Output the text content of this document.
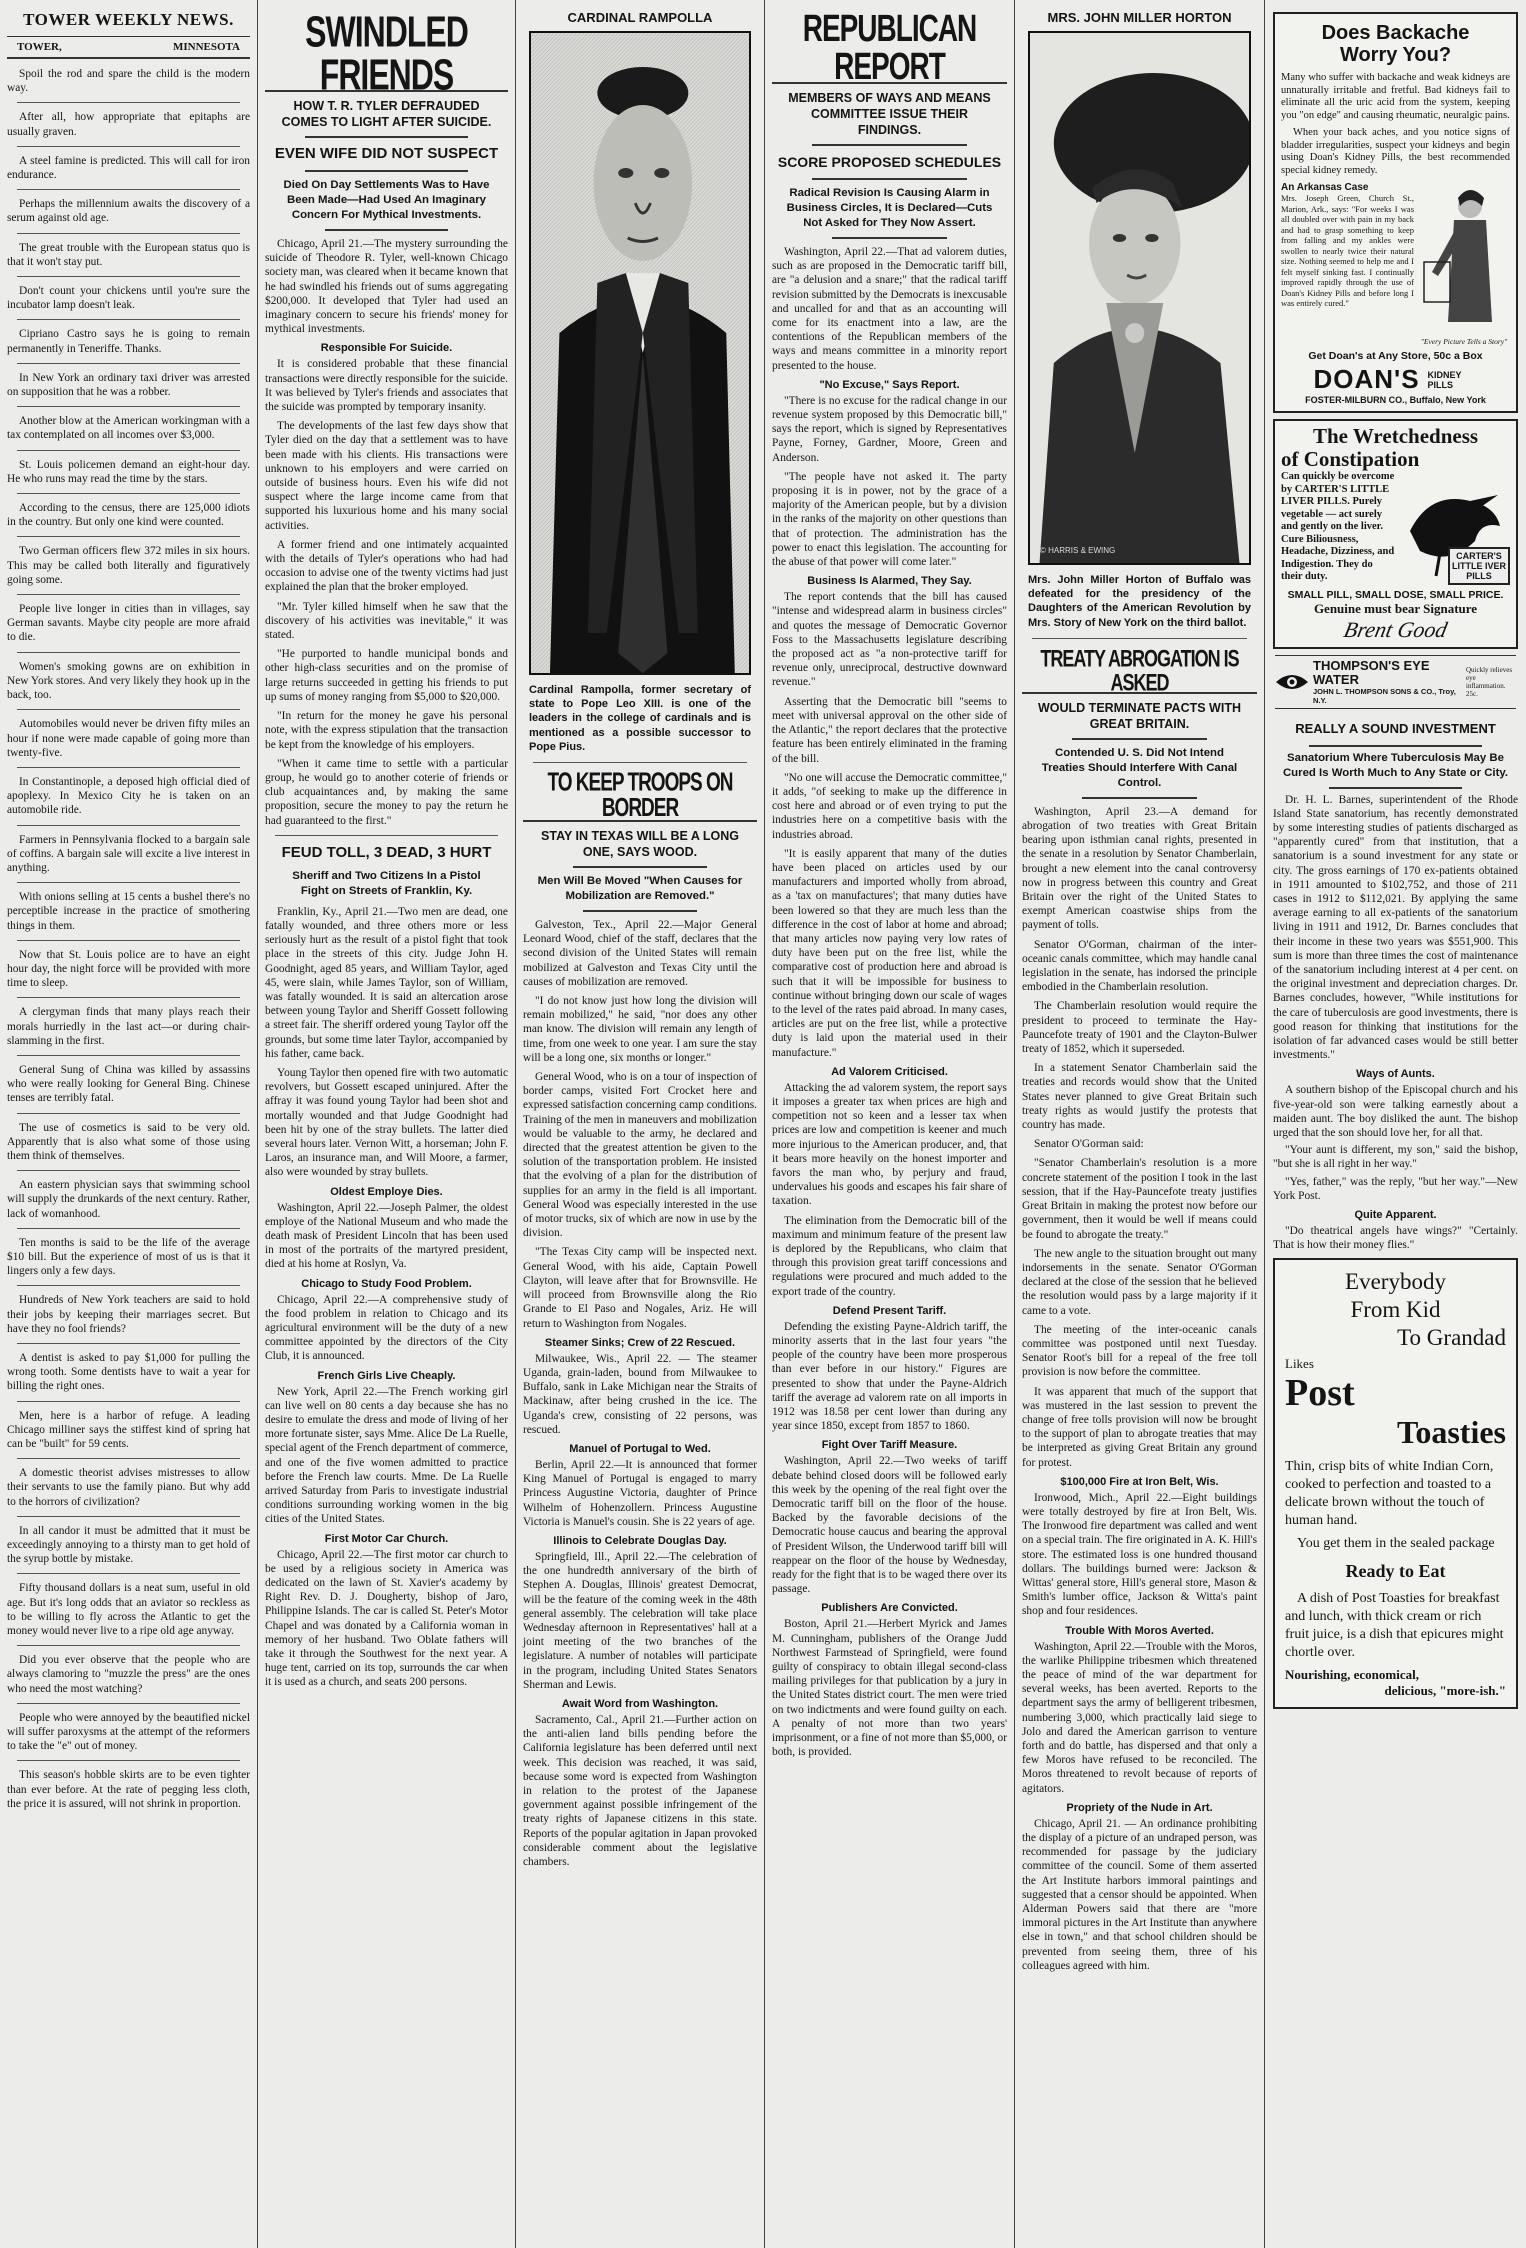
TOWER WEEKLY NEWS.
TOWER,	MINNESOTA

Spoil the rod and spare the child is the modern way.

After all, how appropriate that epitaphs are usually graven.

A steel famine is predicted. This will call for iron endurance.

Perhaps the millennium awaits the discovery of a serum against old age.

The great trouble with the European status quo is that it won't stay put.

Don't count your chickens until you're sure the incubator lamp doesn't leak.

Cipriano Castro says he is going to remain permanently in Teneriffe. Thanks.

In New York an ordinary taxi driver was arrested on supposition that he was a robber.

Another blow at the American workingman with a tax contemplated on all incomes over $3,000.

St. Louis policemen demand an eight-hour day. He who runs may read the time by the stars.

According to the census, there are 125,000 idiots in the country. But only one kind were counted.

Two German officers flew 372 miles in six hours. This may be called both literally and figuratively going some.

People live longer in cities than in villages, say German savants. Maybe city people are more afraid to die.

Women's smoking gowns are on exhibition in New York stores. And very likely they hook up in the back, too.

Automobiles would never be driven fifty miles an hour if none were made capable of going more than twenty-five.

In Constantinople, a deposed high official died of apoplexy. In Mexico City he is taken on an automobile ride.

Farmers in Pennsylvania flocked to a bargain sale of coffins. A bargain sale will excite a live interest in anything.

With onions selling at 15 cents a bushel there's no perceptible increase in the practice of smothering things in them.

Now that St. Louis police are to have an eight hour day, the night force will be provided with more time to sleep.

A clergyman finds that many plays reach their morals hurriedly in the last act—or during chair-slamming in the first.

General Sung of China was killed by assassins who were really looking for General Bing. Chinese tenses are terribly fatal.

The use of cosmetics is said to be very old. Apparently that is also what some of those using them think of themselves.

An eastern physician says that swimming school will supply the drunkards of the next century. Rather, lack of womanhood.

Ten months is said to be the life of the average $10 bill. But the experience of most of us is that it lingers only a few days.

Hundreds of New York teachers are said to hold their jobs by keeping their marriages secret. But have they no fool friends?

A dentist is asked to pay $1,000 for pulling the wrong tooth. Some dentists have to wait a year for billing the right ones.

Men, here is a harbor of refuge. A leading Chicago milliner says the stiffest kind of spring hat can be "built" for 59 cents.

A domestic theorist advises mistresses to allow their servants to use the family piano. But why add to the horrors of civilization?

In all candor it must be admitted that it must be exceedingly annoying to a thirsty man to get hold of the syrup bottle by mistake.

Fifty thousand dollars is a neat sum, useful in old age. But it's long odds that an aviator so reckless as to be willing to fly across the Atlantic to get the money would never live to a ripe old age anyway.

Did you ever observe that the people who are always clamoring to "muzzle the press" are the ones who need the most watching?

People who were annoyed by the beautified nickel will suffer paroxysms at the attempt of the reformers to take the "e" out of money.

This season's hobble skirts are to be even tighter than ever before. At the rate of pegging less cloth, the price it is assured, will not shrink in proportion.

SWINDLED FRIENDS
HOW T. R. TYLER DEFRAUDED COMES TO LIGHT AFTER SUICIDE.
EVEN WIFE DID NOT SUSPECT
Died On Day Settlements Was to Have Been Made—Had Used An Imaginary Concern For Mythical Investments.

Chicago, April 21.—The mystery surrounding the suicide of Theodore R. Tyler, well-known Chicago society man, was cleared when it became known that he had swindled his friends out of sums aggregating $200,000. It developed that Tyler had used an imaginary concern to secure his friends' money for mythical investments.

Responsible For Suicide.

It is considered probable that these financial transactions were directly responsible for the suicide. It was believed by Tyler's friends and associates that the suicide was prompted by temporary insanity.

The developments of the last few days show that Tyler died on the day that a settlement was to have been made with his clients. His transactions were unknown to his employers and were carried on outside of business hours. Even his wife did not suspect where the large income came from that supported his luxurious home and his many social activities.

A former friend and one intimately acquainted with the details of Tyler's operations who had had occasion to advise one of the twenty victims had just explained the plan that the broker employed.

"Mr. Tyler killed himself when he saw that the discovery of his activities was inevitable," it was stated.

"He purported to handle municipal bonds and other high-class securities and on the promise of large returns succeeded in getting his friends to put up sums of money ranging from $5,000 to $20,000.

"In return for the money he gave his personal note, with the express stipulation that the transaction be kept from the knowledge of his employers.

"When it came time to settle with a particular group, he would go to another coterie of friends or club acquaintances and, by making the same proposition, secure the money to pay the return he had guaranteed to the first."

FEUD TOLL, 3 DEAD, 3 HURT
Sheriff and Two Citizens In a Pistol Fight on Streets of Franklin, Ky.

Franklin, Ky., April 21.—Two men are dead, one fatally wounded, and three others more or less seriously hurt as the result of a pistol fight that took place in the streets of this city. Judge John H. Goodnight, aged 85 years, and William Taylor, aged 45, were slain, while James Taylor, son of William, was fatally wounded. It is said an altercation arose between young Taylor and Sheriff Gossett following a street fair. The sheriff ordered young Taylor off the grounds, but some time later Taylor, accompanied by his father, came back.

Young Taylor then opened fire with two automatic revolvers, but Gossett escaped uninjured. After the affray it was found young Taylor had been shot and mortally wounded and that Judge Goodnight had been hit by one of the stray bullets. The latter died several hours later. Vernon Witt, a horseman; John F. Laros, an insurance man, and Will Moore, a farmer, also were wounded by stray bullets.

Oldest Employe Dies.

Washington, April 22.—Joseph Palmer, the oldest employe of the National Museum and who made the death mask of President Lincoln that has been used in most of the portraits of the martyred president, died at his home at Roslyn, Va.

Chicago to Study Food Problem.

Chicago, April 22.—A comprehensive study of the food problem in relation to Chicago and its agricultural environment will be the duty of a new committee appointed by the directors of the City Club, it is announced.

French Girls Live Cheaply.

New York, April 22.—The French working girl can live well on 80 cents a day because she has no desire to emulate the dress and mode of living of her more fortunate sister, says Mme. Alice De La Ruelle, special agent of the French department of commerce, and one of the five women admitted to practice before the French law courts. Mme. De La Ruelle arrived Saturday from Paris to investigate industrial conditions surrounding working women in the big cities of the United States.

First Motor Car Church.

Chicago, April 22.—The first motor car church to be used by a religious society in America was dedicated on the lawn of St. Xavier's academy by Right Rev. D. J. Dougherty, bishop of Jaro, Philippine Islands. The car is called St. Peter's Motor Chapel and was donated by a California woman in memory of her husband. Two Oblate fathers will take it through the Southwest for the next year. A huge tent, carried on its top, surrounds the car when it is used as a church, and seats 200 persons.

CARDINAL RAMPOLLA

Cardinal Rampolla, former secretary of state to Pope Leo XIII. is one of the leaders in the college of cardinals and is mentioned as a possible successor to Pope Pius.

TO KEEP TROOPS ON BORDER
STAY IN TEXAS WILL BE A LONG ONE, SAYS WOOD.
Men Will Be Moved "When Causes for Mobilization are Removed."

Galveston, Tex., April 22.—Major General Leonard Wood, chief of the staff, declares that the second division of the United States will remain mobilized at Galveston and Texas City until the causes of mobilization are removed.

"I do not know just how long the division will remain mobilized," he said, "nor does any other man know. The division will remain any length of time, from one week to one year. I am sure the stay will be a long one, six months or longer."

General Wood, who is on a tour of inspection of border camps, visited Fort Crocket here and expressed satisfaction concerning camp conditions. Training of the men in maneuvers and mobilization would be valuable to the army, he declared and directed that the greatest attention be given to the solution of the transportation problem. He insisted that the evolving of a plan for the distribution of supplies for an army in the field is all important. General Wood was especially interested in the use of motor trucks, six of which are now in use by the division.

"The Texas City camp will be inspected next. General Wood, with his aide, Captain Powell Clayton, will leave after that for Brownsville. He will proceed from Brownsville along the Rio Grande to El Paso and Nogales, Ariz. He will return to Washington from Nogales.

Steamer Sinks; Crew of 22 Rescued.

Milwaukee, Wis., April 22. — The steamer Uganda, grain-laden, bound from Milwaukee to Buffalo, sank in Lake Michigan near the Straits of Mackinaw, after being crushed in the ice. The Uganda's crew, consisting of 22 persons, was rescued.

Manuel of Portugal to Wed.

Berlin, April 22.—It is announced that former King Manuel of Portugal is engaged to marry Princess Augustine Victoria, daughter of Prince Wilhelm of Hohenzollern. Princess Augustine Victoria is Manuel's cousin. She is 22 years of age.

Illinois to Celebrate Douglas Day.

Springfield, Ill., April 22.—The celebration of the one hundredth anniversary of the birth of Stephen A. Douglas, Illinois' greatest Democrat, will be the feature of the coming week in the 48th general assembly. The celebration will take place Wednesday afternoon in Representatives' hall at a joint meeting of the two branches of the legislature. A number of notables will participate in the program, including United States Senators Sherman and Lewis.

Await Word from Washington.

Sacramento, Cal., April 21.—Further action on the anti-alien land bills pending before the California legislature has been deferred until next week. This decision was reached, it was said, because some word is expected from Washington in relation to the protest of the Japanese government against possible infringement of the treaty rights of Japanese citizens in this state. Reports of the popular agitation in Japan provoked considerable comment about the legislative chambers.

REPUBLICAN REPORT
MEMBERS OF WAYS AND MEANS COMMITTEE ISSUE THEIR FINDINGS.
SCORE PROPOSED SCHEDULES
Radical Revision Is Causing Alarm in Business Circles, It is Declared—Cuts Not Asked for They Now Assert.

Washington, April 22.—That ad valorem duties, such as are proposed in the Democratic tariff bill, are "a delusion and a snare;" that the radical tariff revision submitted by the Democrats is inexcusable and uncalled for and that as an accounting will come for its enactment into a law, are the contentions of the Republican members of the ways and means committee in a minority report presented to the house.

"No Excuse," Says Report.

"There is no excuse for the radical change in our revenue system proposed by this Democratic bill," says the report, which is signed by Representatives Payne, Forney, Gardner, Moore, Green and Anderson.

"The people have not asked it. The party proposing it is in power, not by the grace of a majority of the American people, but by a division in the ranks of the majority on other questions than that of protection. The administration has the power to enact this legislation. The accounting for the abuse of that power will come later."

Business Is Alarmed, They Say.

The report contends that the bill has caused "intense and widespread alarm in business circles" and quotes the message of Democratic Governor Foss to the Massachusetts legislature describing the proposed act as "a non-protective tariff for revenue only, unreciprocal, destructive downward revenue."

Asserting that the Democratic bill "seems to meet with universal approval on the other side of the Atlantic," the report declares that the protective feature has been entirely eliminated in the framing of the bill.

"No one will accuse the Democratic committee," it adds, "of seeking to make up the difference in cost here and abroad or of even trying to put the industries here on a competitive basis with the industries abroad.

"It is easily apparent that many of the duties have been placed on articles used by our manufacturers and imported wholly from abroad, as a 'tax on manufactures'; that many duties have been lowered so that they are much less than the difference in the cost of labor at home and abroad; that many articles now paying very low rates of duty have been put on the free list, while the comparative cost of production here and abroad is such that it will be impossible for business to continue without bringing down our scale of wages to the level of the rates paid abroad. In many cases, articles are put on the free list, while a protective duty is laid upon the material used in their manufacture."

Ad Valorem Criticised.

Attacking the ad valorem system, the report says it imposes a greater tax when prices are high and competition not so keen and a lesser tax when prices are low and competition is keener and much more injurious to the American producer, and, that it bears more heavily on the honest importer and favors the man who, by perjury and fraud, undervalues his goods and escapes his fair share of taxation.

The elimination from the Democratic bill of the maximum and minimum feature of the present law is deplored by the Republicans, who claim that through this provision great tariff concessions and regulations were procured and much added to the export trade of the country.

Defend Present Tariff.

Defending the existing Payne-Aldrich tariff, the minority asserts that in the last four years "the people of the country have been more prosperous than ever before in our history." Figures are presented to show that under the Payne-Aldrich tariff the average ad valorem rate on all imports in 1912 was 18.58 per cent lower than during any year since 1850, except from 1857 to 1860.

Fight Over Tariff Measure.

Washington, April 22.—Two weeks of tariff debate behind closed doors will be followed early this week by the opening of the real fight over the Democratic tariff bill on the floor of the house. Backed by the favorable decisions of the Democratic house caucus and bearing the approval of President Wilson, the Underwood tariff bill will reappear on the floor of the house by Wednesday, ready for the fight that is to be waged there over its passage.

Publishers Are Convicted.

Boston, April 21.—Herbert Myrick and James M. Cunningham, publishers of the Orange Judd Northwest Farmstead of Springfield, were found guilty of conspiracy to obtain illegal second-class mailing privileges for that publication by a jury in the United States district court. The men were tried on two indictments and were found guilty on each. A penalty of not more than two years' imprisonment, or a fine of not more than $5,000, or both, is provided.

MRS. JOHN MILLER HORTON
© HARRIS & EWING

Mrs. John Miller Horton of Buffalo was defeated for the presidency of the Daughters of the American Revolution by Mrs. Story of New York on the third ballot.

TREATY ABROGATION IS ASKED
WOULD TERMINATE PACTS WITH GREAT BRITAIN.
Contended U. S. Did Not Intend Treaties Should Interfere With Canal Control.

Washington, April 23.—A demand for abrogation of two treaties with Great Britain bearing upon isthmian canal rights, presented in the senate in a resolution by Senator Chamberlain, brought a new element into the canal controversy now in progress between this country and Great Britain over the right of the United States to exempt American coastwise ships from the payment of tolls.

Senator O'Gorman, chairman of the inter-oceanic canals committee, which may handle canal legislation in the senate, has indorsed the principle embodied in the Chamberlain resolution.

The Chamberlain resolution would require the president to proceed to terminate the Hay-Pauncefote treaty of 1901 and the Clayton-Bulwer treaty of 1852, which it superseded.

In a statement Senator Chamberlain said the treaties and records would show that the United States never planned to give Great Britain such treaty rights as would justify the protests that country has made.

Senator O'Gorman said:

"Senator Chamberlain's resolution is a more concrete statement of the position I took in the last session, that if the Hay-Pauncefote treaty justifies Great Britain in making the protest now before our government, then it would be well if means could be found to abrogate the treaty."

The new angle to the situation brought out many indorsements in the senate. Senator O'Gorman declared at the close of the session that he believed the resolution would pass by a large majority if it came to a vote.

The meeting of the inter-oceanic canals committee was postponed until next Tuesday. Senator Root's bill for a repeal of the free toll provision is now before the committee.

It was apparent that much of the support that was mustered in the last session to prevent the change of free tolls provision will now be brought to the support of plan to abrogate treaties that may be interpreted as giving Great Britain any ground for protest.

$100,000 Fire at Iron Belt, Wis.

Ironwood, Mich., April 22.—Eight buildings were totally destroyed by fire at Iron Belt, Wis. The Ironwood fire department was called and went on a special train. The fire originated in A. K. Hill's store. The estimated loss is one hundred thousand dollars. The buildings burned were: Jackson & Wittas' general store, Hill's general store, Mason & Smith's lumber office, Jackson & Witta's paint shop and four residences.

Trouble With Moros Averted.

Washington, April 22.—Trouble with the Moros, the warlike Philippine tribesmen which threatened the peace of mind of the war department for several weeks, has been averted. Reports to the department says the army of belligerent tribesmen, numbering 3,000, which practically laid siege to Jolo and dared the American garrison to venture forth and do battle, has dispersed and that only a few Moros have refused to be reconciled. The Moros threatened to revolt because of reports of agitators.

Propriety of the Nude in Art.

Chicago, April 21. — An ordinance prohibiting the display of a picture of an undraped person, was recommended for passage by the judiciary committee of the council. Some of them asserted the Art Institute harbors immoral paintings and suggested that a censor should be appointed. When Alderman Powers said that there are "more immoral pictures in the Art Institute than anywhere else in town," and that school children should be prevented from seeing them, three of his colleagues agreed with him.

Does Backache Worry You?

Many who suffer with backache and weak kidneys are unnaturally irritable and fretful. Bad kidneys fail to eliminate all the uric acid from the system, keeping you "on edge" and causing rheumatic, neuralgic pains.

When your back aches, and you notice signs of bladder irregularities, suspect your kidneys and begin using Doan's Kidney Pills, the best recommended special kidney remedy.

An Arkansas Case

Mrs. Joseph Green, Church St., Marion, Ark., says: "For weeks I was all doubled over with pain in my back and had to grasp something to keep from falling and my ankles were swollen to nearly twice their natural size. Nothing seemed to help me and I felt myself sinking fast. I continually improved rapidly through the use of Doan's Kidney Pills and before long I was entirely cured."

"Every Picture Tells a Story"
Get Doan's at Any Store, 50c a Box
DOAN'S KIDNEY PILLS
FOSTER-MILBURN CO., Buffalo, New York
The Wretchedness
of Constipation

Can quickly be overcome by CARTER'S LITTLE LIVER PILLS. Purely vegetable — act surely and gently on the liver. Cure Biliousness, Headache, Dizziness, and Indigestion. They do their duty.

CARTER'S LITTLE IVER PILLS
SMALL PILL, SMALL DOSE, SMALL PRICE.
Genuine must bear Signature
Brent Good
THOMPSON'S EYE WATER
JOHN L. THOMPSON SONS & CO., Troy, N.Y.
Quickly relieves eye inflammation. 25c.
REALLY A SOUND INVESTMENT
Sanatorium Where Tuberculosis May Be Cured Is Worth Much to Any State or City.

Dr. H. L. Barnes, superintendent of the Rhode Island State sanatorium, has recently demonstrated by some interesting studies of patients discharged as "apparently cured" from that institution, that a sanatorium is a sound investment for any state or city. The gross earnings of 170 ex-patients obtained in 1911 amounted to $102,752, and those of 211 cases in 1912 to $112,021. By applying the same average earning to all ex-patients of the sanatorium living in 1911 and 1912, Dr. Barnes concludes that their income in these two years was $551,900. This sum is more than three times the cost of maintenance of the sanatorium including interest at 4 per cent. on the original investment and depreciation charges. Dr. Barnes concludes, however, "While institutions for the care of tuberculosis are good investments, there is good reason for thinking that institutions for the isolation of far advanced cases would be still better investments."

Ways of Aunts.

A southern bishop of the Episcopal church and his five-year-old son were talking earnestly about a maiden aunt. The boy disliked the aunt. The bishop urged that the son should love her, for all that.

"Your aunt is different, my son," said the bishop, "but she is all right in her way."

"Yes, father," was the reply, "but her way."—New York Post.

Quite Apparent.

"Do theatrical angels have wings?" "Certainly. That is how their money flies."

Everybody
From Kid
To Grandad
Likes
Post
Toasties

Thin, crisp bits of white Indian Corn, cooked to perfection and toasted to a delicate brown without the touch of human hand.

You get them in the sealed package

Ready to Eat

A dish of Post Toasties for breakfast and lunch, with thick cream or rich fruit juice, is a dish that epicures might chortle over.

Nourishing, economical,
delicious, "more-ish."
